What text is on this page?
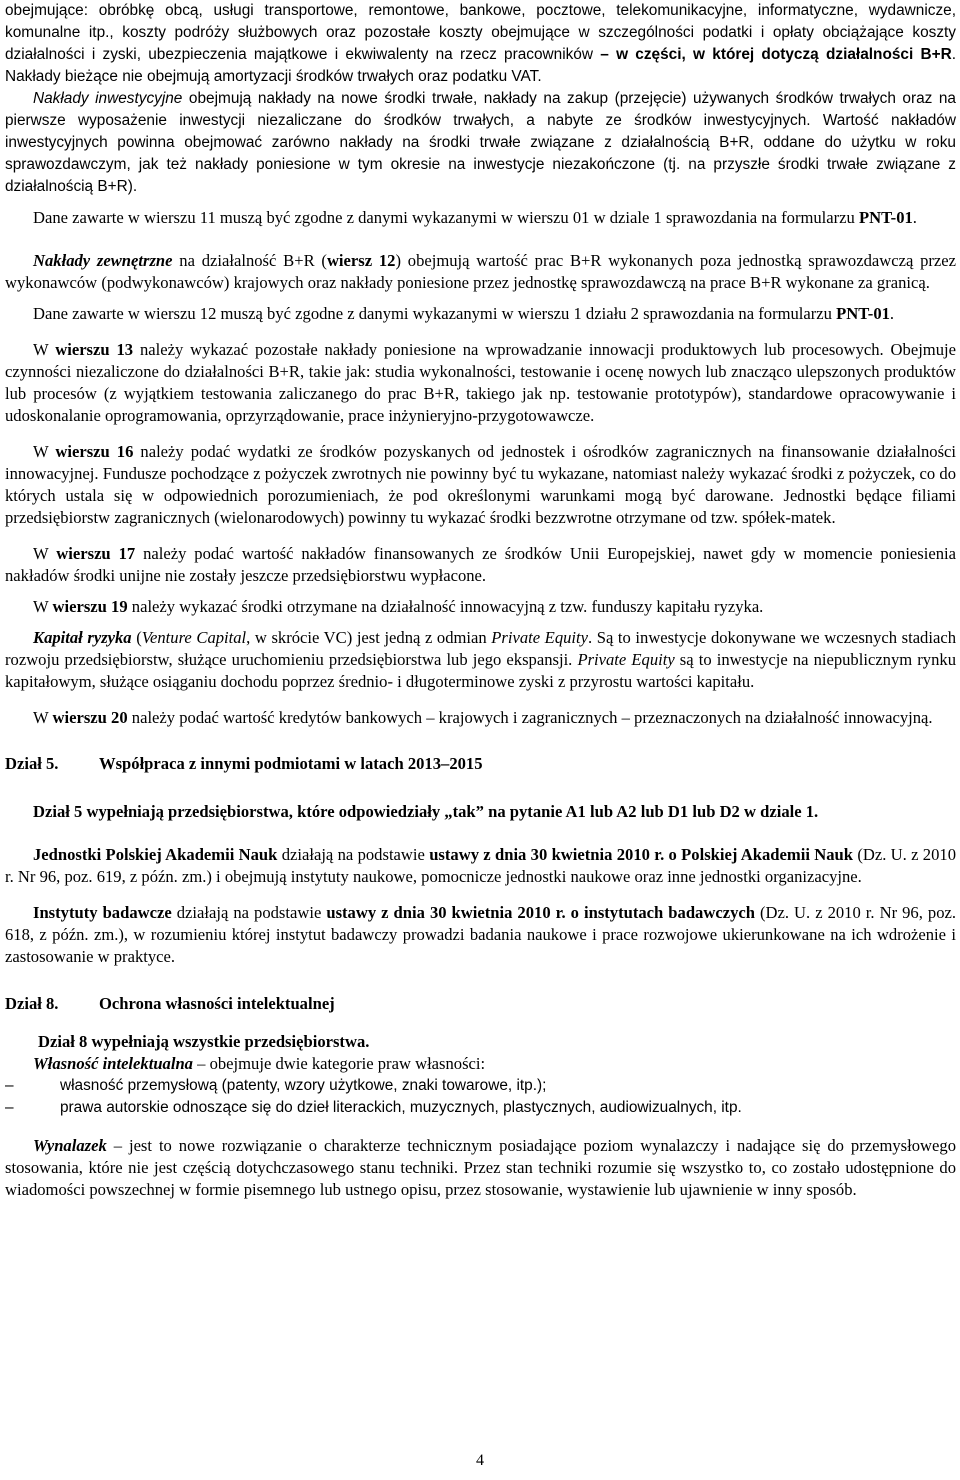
obejmujące: obróbkę obcą, usługi transportowe, remontowe, bankowe, pocztowe, telekomunikacyjne, informatyczne, wydawnicze, komunalne itp., koszty podróży służbowych oraz pozostałe koszty obejmujące w szczególności podatki i opłaty obciążające koszty działalności i zyski, ubezpieczenia majątkowe i ekwiwalenty na rzecz pracowników – w części, w której dotyczą działalności B+R. Nakłady bieżące nie obejmują amortyzacji środków trwałych oraz podatku VAT.

Nakłady inwestycyjne obejmują nakłady na nowe środki trwałe, nakłady na zakup (przejęcie) używanych środków trwałych oraz na pierwsze wyposażenie inwestycji niezaliczane do środków trwałych, a nabyte ze środków inwestycyjnych. Wartość nakładów inwestycyjnych powinna obejmować zarówno nakłady na środki trwałe związane z działalnością B+R, oddane do użytku w roku sprawozdawczym, jak też nakłady poniesione w tym okresie na inwestycje niezakończone (tj. na przyszłe środki trwałe związane z działalnością B+R).

Dane zawarte w wierszu 11 muszą być zgodne z danymi wykazanymi w wierszu 01 w dziale 1 sprawozdania na formularzu PNT-01.

Nakłady zewnętrzne na działalność B+R (wiersz 12) obejmują wartość prac B+R wykonanych poza jednostką sprawozdawczą przez wykonawców (podwykonawców) krajowych oraz nakłady poniesione przez jednostkę sprawozdawczą na prace B+R wykonane za granicą.

Dane zawarte w wierszu 12 muszą być zgodne z danymi wykazanymi w wierszu 1 działu 2 sprawozdania na formularzu PNT-01.

W wierszu 13 należy wykazać pozostałe nakłady poniesione na wprowadzanie innowacji produktowych lub procesowych. Obejmuje czynności niezaliczone do działalności B+R, takie jak: studia wykonalności, testowanie i ocenę nowych lub znacząco ulepszonych produktów lub procesów (z wyjątkiem testowania zaliczanego do prac B+R, takiego jak np. testowanie prototypów), standardowe opracowywanie i udoskonalanie oprogramowania, oprzyrządowanie, prace inżynieryjno-przygotowawcze.

W wierszu 16 należy podać wydatki ze środków pozyskanych od jednostek i ośrodków zagranicznych na finansowanie działalności innowacyjnej. Fundusze pochodzące z pożyczek zwrotnych nie powinny być tu wykazane, natomiast należy wykazać środki z pożyczek, co do których ustala się w odpowiednich porozumieniach, że pod określonymi warunkami mogą być darowane. Jednostki będące filiami przedsiębiorstw zagranicznych (wielonarodowych) powinny tu wykazać środki bezzwrotne otrzymane od tzw. spółek-matek.

W wierszu 17 należy podać wartość nakładów finansowanych ze środków Unii Europejskiej, nawet gdy w momencie poniesienia nakładów środki unijne nie zostały jeszcze przedsiębiorstwu wypłacone.

W wierszu 19 należy wykazać środki otrzymane na działalność innowacyjną z tzw. funduszy kapitału ryzyka.

Kapitał ryzyka (Venture Capital, w skrócie VC) jest jedną z odmian Private Equity. Są to inwestycje dokonywane we wczesnych stadiach rozwoju przedsiębiorstw, służące uruchomieniu przedsiębiorstwa lub jego ekspansji. Private Equity są to inwestycje na niepublicznym rynku kapitałowym, służące osiąganiu dochodu poprzez średnio- i długoterminowe zyski z przyrostu wartości kapitału.

W wierszu 20 należy podać wartość kredytów bankowych – krajowych i zagranicznych – przeznaczonych na działalność innowacyjną.

Dział 5. Współpraca z innymi podmiotami w latach 2013–2015

Dział 5 wypełniają przedsiębiorstwa, które odpowiedziały „tak” na pytanie A1 lub A2 lub D1 lub D2 w dziale 1.

Jednostki Polskiej Akademii Nauk działają na podstawie ustawy z dnia 30 kwietnia 2010 r. o Polskiej Akademii Nauk (Dz. U. z 2010 r. Nr 96, poz. 619, z późn. zm.) i obejmują instytuty naukowe, pomocnicze jednostki naukowe oraz inne jednostki organizacyjne.

Instytuty badawcze działają na podstawie ustawy z dnia 30 kwietnia 2010 r. o instytutach badawczych (Dz. U. z 2010 r. Nr 96, poz. 618, z późn. zm.), w rozumieniu której instytut badawczy prowadzi badania naukowe i prace rozwojowe ukierunkowane na ich wdrożenie i zastosowanie w praktyce.

Dział 8. Ochrona własności intelektualnej

Dział 8 wypełniają wszystkie przedsiębiorstwa.

Własność intelektualna – obejmuje dwie kategorie praw własności:

–	własność przemysłową (patenty, wzory użytkowe, znaki towarowe, itp.);
–	prawa autorskie odnoszące się do dzieł literackich, muzycznych, plastycznych, audiowizualnych, itp.

Wynalazek – jest to nowe rozwiązanie o charakterze technicznym posiadające poziom wynalazczy i nadające się do przemysłowego stosowania, które nie jest częścią dotychczasowego stanu techniki. Przez stan techniki rozumie się wszystko to, co zostało udostępnione do wiadomości powszechnej w formie pisemnego lub ustnego opisu, przez stosowanie, wystawienie lub ujawnienie w inny sposób.

4
